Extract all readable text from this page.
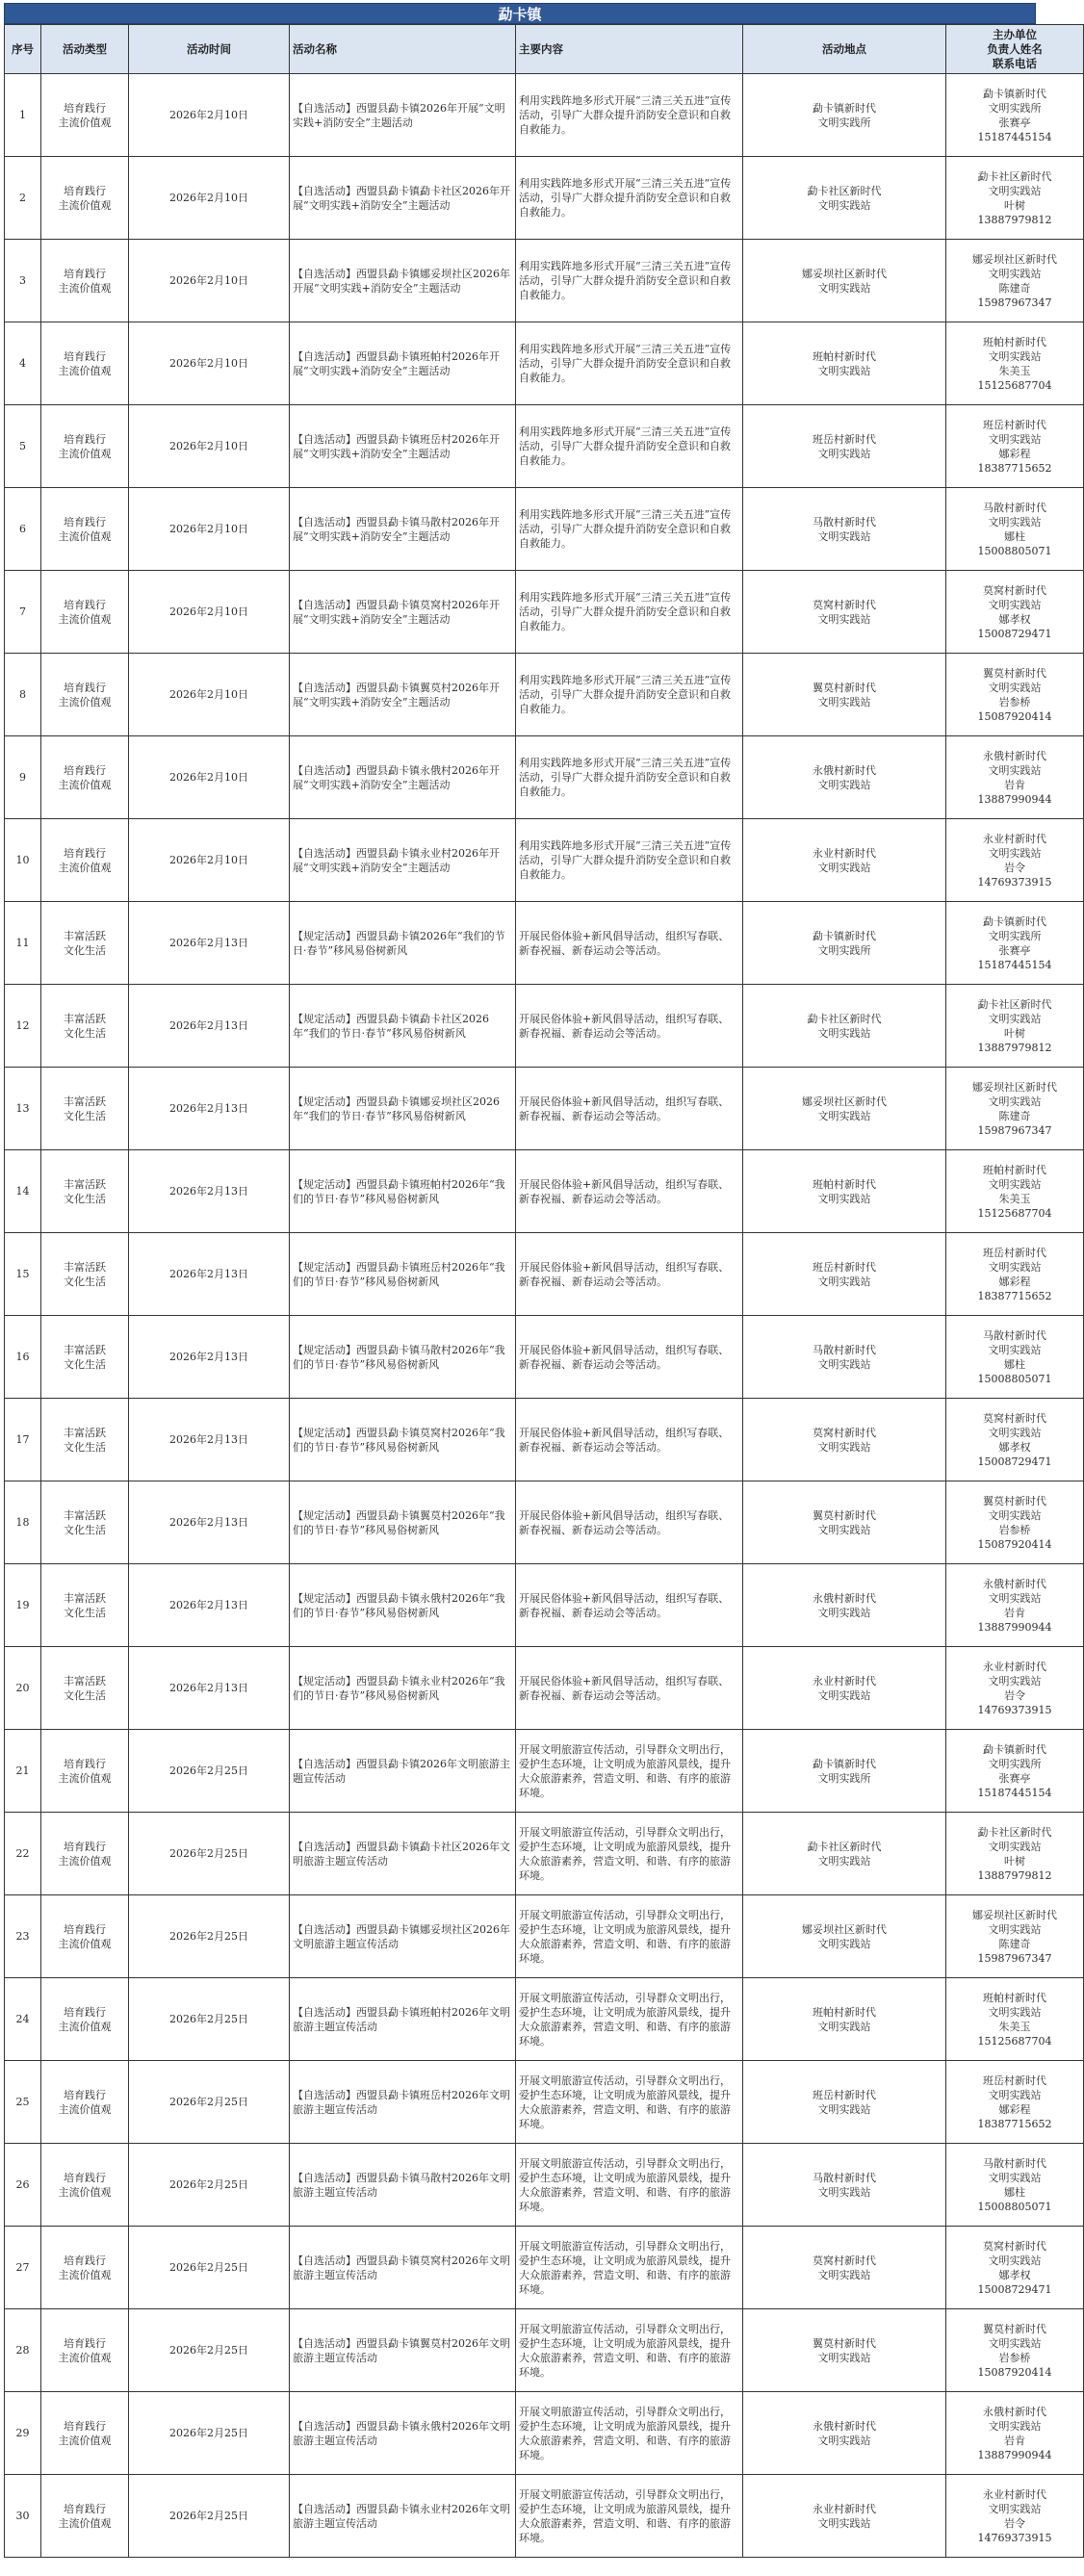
勐卡镇
序号	活动类型	活动时间	活动名称	主要内容	活动地点	主办单位
负责人姓名
联系电话

1	培育践行
主流价值观	2026年2月10日	【自选活动】西盟县勐卡镇2026年开展“文明实践+消防安全”主题活动	利用实践阵地多形式开展“三清三关五进”宣传活动，引导广大群众提升消防安全意识和自救自救能力。	勐卡镇新时代
文明实践所	勐卡镇新时代
文明实践所
张赛亭
15187445154

2	培育践行
主流价值观	2026年2月10日	【自选活动】西盟县勐卡镇勐卡社区2026年开展“文明实践+消防安全”主题活动	利用实践阵地多形式开展“三清三关五进”宣传活动，引导广大群众提升消防安全意识和自救自救能力。	勐卡社区新时代
文明实践站	勐卡社区新时代
文明实践站
叶树
13887979812

3	培育践行
主流价值观	2026年2月10日	【自选活动】西盟县勐卡镇娜妥坝社区2026年开展“文明实践+消防安全”主题活动	利用实践阵地多形式开展“三清三关五进”宣传活动，引导广大群众提升消防安全意识和自救自救能力。	娜妥坝社区新时代
文明实践站	娜妥坝社区新时代
文明实践站
陈建奇
15987967347

4	培育践行
主流价值观	2026年2月10日	【自选活动】西盟县勐卡镇班帕村2026年开展“文明实践+消防安全”主题活动	利用实践阵地多形式开展“三清三关五进”宣传活动，引导广大群众提升消防安全意识和自救自救能力。	班帕村新时代
文明实践站	班帕村新时代
文明实践站
朱美玉
15125687704

5	培育践行
主流价值观	2026年2月10日	【自选活动】西盟县勐卡镇班岳村2026年开展“文明实践+消防安全”主题活动	利用实践阵地多形式开展“三清三关五进”宣传活动，引导广大群众提升消防安全意识和自救自救能力。	班岳村新时代
文明实践站	班岳村新时代
文明实践站
娜彩程
18387715652

6	培育践行
主流价值观	2026年2月10日	【自选活动】西盟县勐卡镇马散村2026年开展“文明实践+消防安全”主题活动	利用实践阵地多形式开展“三清三关五进”宣传活动，引导广大群众提升消防安全意识和自救自救能力。	马散村新时代
文明实践站	马散村新时代
文明实践站
娜柱
15008805071

7	培育践行
主流价值观	2026年2月10日	【自选活动】西盟县勐卡镇莫窝村2026年开展“文明实践+消防安全”主题活动	利用实践阵地多形式开展“三清三关五进”宣传活动，引导广大群众提升消防安全意识和自救自救能力。	莫窝村新时代
文明实践站	莫窝村新时代
文明实践站
娜孝权
15008729471

8	培育践行
主流价值观	2026年2月10日	【自选活动】西盟县勐卡镇翼莫村2026年开展“文明实践+消防安全”主题活动	利用实践阵地多形式开展“三清三关五进”宣传活动，引导广大群众提升消防安全意识和自救自救能力。	翼莫村新时代
文明实践站	翼莫村新时代
文明实践站
岩参桥
15087920414

9	培育践行
主流价值观	2026年2月10日	【自选活动】西盟县勐卡镇永俄村2026年开展“文明实践+消防安全”主题活动	利用实践阵地多形式开展“三清三关五进”宣传活动，引导广大群众提升消防安全意识和自救自救能力。	永俄村新时代
文明实践站	永俄村新时代
文明实践站
岩肯
13887990944

10	培育践行
主流价值观	2026年2月10日	【自选活动】西盟县勐卡镇永业村2026年开展“文明实践+消防安全”主题活动	利用实践阵地多形式开展“三清三关五进”宣传活动，引导广大群众提升消防安全意识和自救自救能力。	永业村新时代
文明实践站	永业村新时代
文明实践站
岩令
14769373915

11	丰富活跃
文化生活	2026年2月13日	【规定活动】西盟县勐卡镇2026年“我们的节日·春节”移风易俗树新风	开展民俗体验+新风倡导活动，组织写春联、新春祝福、新春运动会等活动。	勐卡镇新时代
文明实践所	勐卡镇新时代
文明实践所
张赛亭
15187445154

12	丰富活跃
文化生活	2026年2月13日	【规定活动】西盟县勐卡镇勐卡社区2026年“我们的节日·春节”移风易俗树新风	开展民俗体验+新风倡导活动，组织写春联、新春祝福、新春运动会等活动。	勐卡社区新时代
文明实践站	勐卡社区新时代
文明实践站
叶树
13887979812

13	丰富活跃
文化生活	2026年2月13日	【规定活动】西盟县勐卡镇娜妥坝社区2026年“我们的节日·春节”移风易俗树新风	开展民俗体验+新风倡导活动，组织写春联、新春祝福、新春运动会等活动。	娜妥坝社区新时代
文明实践站	娜妥坝社区新时代
文明实践站
陈建奇
15987967347

14	丰富活跃
文化生活	2026年2月13日	【规定活动】西盟县勐卡镇班帕村2026年“我们的节日·春节”移风易俗树新风	开展民俗体验+新风倡导活动，组织写春联、新春祝福、新春运动会等活动。	班帕村新时代
文明实践站	班帕村新时代
文明实践站
朱美玉
15125687704

15	丰富活跃
文化生活	2026年2月13日	【规定活动】西盟县勐卡镇班岳村2026年“我们的节日·春节”移风易俗树新风	开展民俗体验+新风倡导活动，组织写春联、新春祝福、新春运动会等活动。	班岳村新时代
文明实践站	班岳村新时代
文明实践站
娜彩程
18387715652

16	丰富活跃
文化生活	2026年2月13日	【规定活动】西盟县勐卡镇马散村2026年“我们的节日·春节”移风易俗树新风	开展民俗体验+新风倡导活动，组织写春联、新春祝福、新春运动会等活动。	马散村新时代
文明实践站	马散村新时代
文明实践站
娜柱
15008805071

17	丰富活跃
文化生活	2026年2月13日	【规定活动】西盟县勐卡镇莫窝村2026年“我们的节日·春节”移风易俗树新风	开展民俗体验+新风倡导活动，组织写春联、新春祝福、新春运动会等活动。	莫窝村新时代
文明实践站	莫窝村新时代
文明实践站
娜孝权
15008729471

18	丰富活跃
文化生活	2026年2月13日	【规定活动】西盟县勐卡镇翼莫村2026年“我们的节日·春节”移风易俗树新风	开展民俗体验+新风倡导活动，组织写春联、新春祝福、新春运动会等活动。	翼莫村新时代
文明实践站	翼莫村新时代
文明实践站
岩参桥
15087920414

19	丰富活跃
文化生活	2026年2月13日	【规定活动】西盟县勐卡镇永俄村2026年“我们的节日·春节”移风易俗树新风	开展民俗体验+新风倡导活动，组织写春联、新春祝福、新春运动会等活动。	永俄村新时代
文明实践站	永俄村新时代
文明实践站
岩肯
13887990944

20	丰富活跃
文化生活	2026年2月13日	【规定活动】西盟县勐卡镇永业村2026年“我们的节日·春节”移风易俗树新风	开展民俗体验+新风倡导活动，组织写春联、新春祝福、新春运动会等活动。	永业村新时代
文明实践站	永业村新时代
文明实践站
岩令
14769373915

21	培育践行
主流价值观	2026年2月25日	【自选活动】西盟县勐卡镇2026年文明旅游主题宣传活动	开展文明旅游宣传活动，引导群众文明出行，爱护生态环境，让文明成为旅游风景线，提升大众旅游素养，营造文明、和谐、有序的旅游环境。	勐卡镇新时代
文明实践所	勐卡镇新时代
文明实践所
张赛亭
15187445154

22	培育践行
主流价值观	2026年2月25日	【自选活动】西盟县勐卡镇勐卡社区2026年文明旅游主题宣传活动	开展文明旅游宣传活动，引导群众文明出行，爱护生态环境，让文明成为旅游风景线，提升大众旅游素养，营造文明、和谐、有序的旅游环境。	勐卡社区新时代
文明实践站	勐卡社区新时代
文明实践站
叶树
13887979812

23	培育践行
主流价值观	2026年2月25日	【自选活动】西盟县勐卡镇娜妥坝社区2026年文明旅游主题宣传活动	开展文明旅游宣传活动，引导群众文明出行，爱护生态环境，让文明成为旅游风景线，提升大众旅游素养，营造文明、和谐、有序的旅游环境。	娜妥坝社区新时代
文明实践站	娜妥坝社区新时代
文明实践站
陈建奇
15987967347

24	培育践行
主流价值观	2026年2月25日	【自选活动】西盟县勐卡镇班帕村2026年文明旅游主题宣传活动	开展文明旅游宣传活动，引导群众文明出行，爱护生态环境，让文明成为旅游风景线，提升大众旅游素养，营造文明、和谐、有序的旅游环境。	班帕村新时代
文明实践站	班帕村新时代
文明实践站
朱美玉
15125687704

25	培育践行
主流价值观	2026年2月25日	【自选活动】西盟县勐卡镇班岳村2026年文明旅游主题宣传活动	开展文明旅游宣传活动，引导群众文明出行，爱护生态环境，让文明成为旅游风景线，提升大众旅游素养，营造文明、和谐、有序的旅游环境。	班岳村新时代
文明实践站	班岳村新时代
文明实践站
娜彩程
18387715652

26	培育践行
主流价值观	2026年2月25日	【自选活动】西盟县勐卡镇马散村2026年文明旅游主题宣传活动	开展文明旅游宣传活动，引导群众文明出行，爱护生态环境，让文明成为旅游风景线，提升大众旅游素养，营造文明、和谐、有序的旅游环境。	马散村新时代
文明实践站	马散村新时代
文明实践站
娜柱
15008805071

27	培育践行
主流价值观	2026年2月25日	【自选活动】西盟县勐卡镇莫窝村2026年文明旅游主题宣传活动	开展文明旅游宣传活动，引导群众文明出行，爱护生态环境，让文明成为旅游风景线，提升大众旅游素养，营造文明、和谐、有序的旅游环境。	莫窝村新时代
文明实践站	莫窝村新时代
文明实践站
娜孝权
15008729471

28	培育践行
主流价值观	2026年2月25日	【自选活动】西盟县勐卡镇翼莫村2026年文明旅游主题宣传活动	开展文明旅游宣传活动，引导群众文明出行，爱护生态环境，让文明成为旅游风景线，提升大众旅游素养，营造文明、和谐、有序的旅游环境。	翼莫村新时代
文明实践站	翼莫村新时代
文明实践站
岩参桥
15087920414

29	培育践行
主流价值观	2026年2月25日	【自选活动】西盟县勐卡镇永俄村2026年文明旅游主题宣传活动	开展文明旅游宣传活动，引导群众文明出行，爱护生态环境，让文明成为旅游风景线，提升大众旅游素养，营造文明、和谐、有序的旅游环境。	永俄村新时代
文明实践站	永俄村新时代
文明实践站
岩肯
13887990944

30	培育践行
主流价值观	2026年2月25日	【自选活动】西盟县勐卡镇永业村2026年文明旅游主题宣传活动	开展文明旅游宣传活动，引导群众文明出行，爱护生态环境，让文明成为旅游风景线，提升大众旅游素养，营造文明、和谐、有序的旅游环境。	永业村新时代
文明实践站	永业村新时代
文明实践站
岩令
14769373915
